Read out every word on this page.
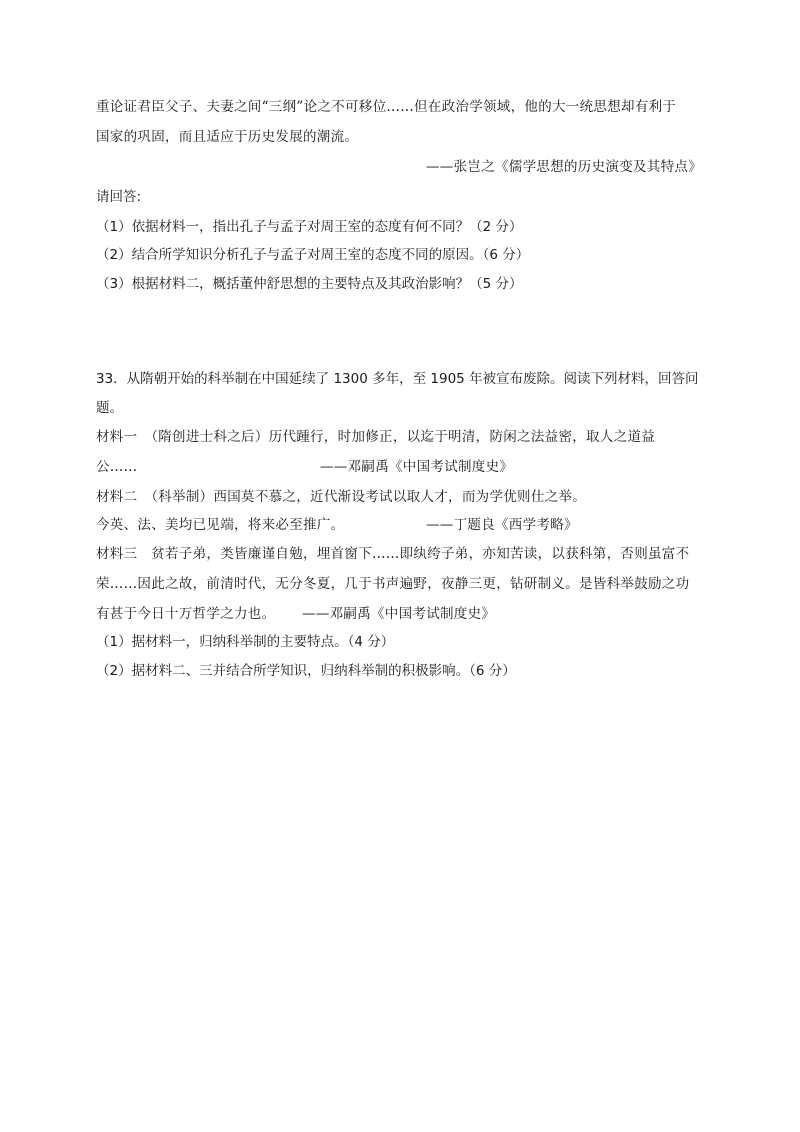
重论证君臣父子、夫妻之间“三纲”论之不可移位……但在政治学领域，他的大一统思想却有利于
国家的巩固，而且适应于历史发展的潮流。
——张岂之《儒学思想的历史演变及其特点》
请回答:
（1）依据材料一，指出孔子与孟子对周王室的态度有何不同？（2 分）
（2）结合所学知识分析孔子与孟子对周王室的态度不同的原因。（6 分）
（3）根据材料二，概括董仲舒思想的主要特点及其政治影响？（5 分）
33．从隋朝开始的科举制在中国延续了 1300 多年，至 1905 年被宣布废除。阅读下列材料，回答问
题。
材料一　（隋创进士科之后）历代踵行，时加修正，以迄于明清，防闲之法益密，取人之道益
公……	——邓嗣禹《中国考试制度史》
材料二　（科举制）西国莫不慕之，近代渐设考试以取人才，而为学优则仕之举。
今英、法、美均已见端，将来必至推广。	——丁题良《西学考略》
材料三　贫若子弟，类皆廉谨自勉，埋首窗下……即纨绔子弟，亦知苦读，以获科第，否则虽富不
荣……因此之故，前清时代，无分冬夏，几于书声遍野，夜静三更，钻研制义。是皆科举鼓励之功
有甚于今日十万哲学之力也。 ——邓嗣禹《中国考试制度史》
（1）据材料一，归纳科举制的主要特点。（4 分）
（2）据材料二、三并结合所学知识，归纳科举制的积极影响。（6 分）
